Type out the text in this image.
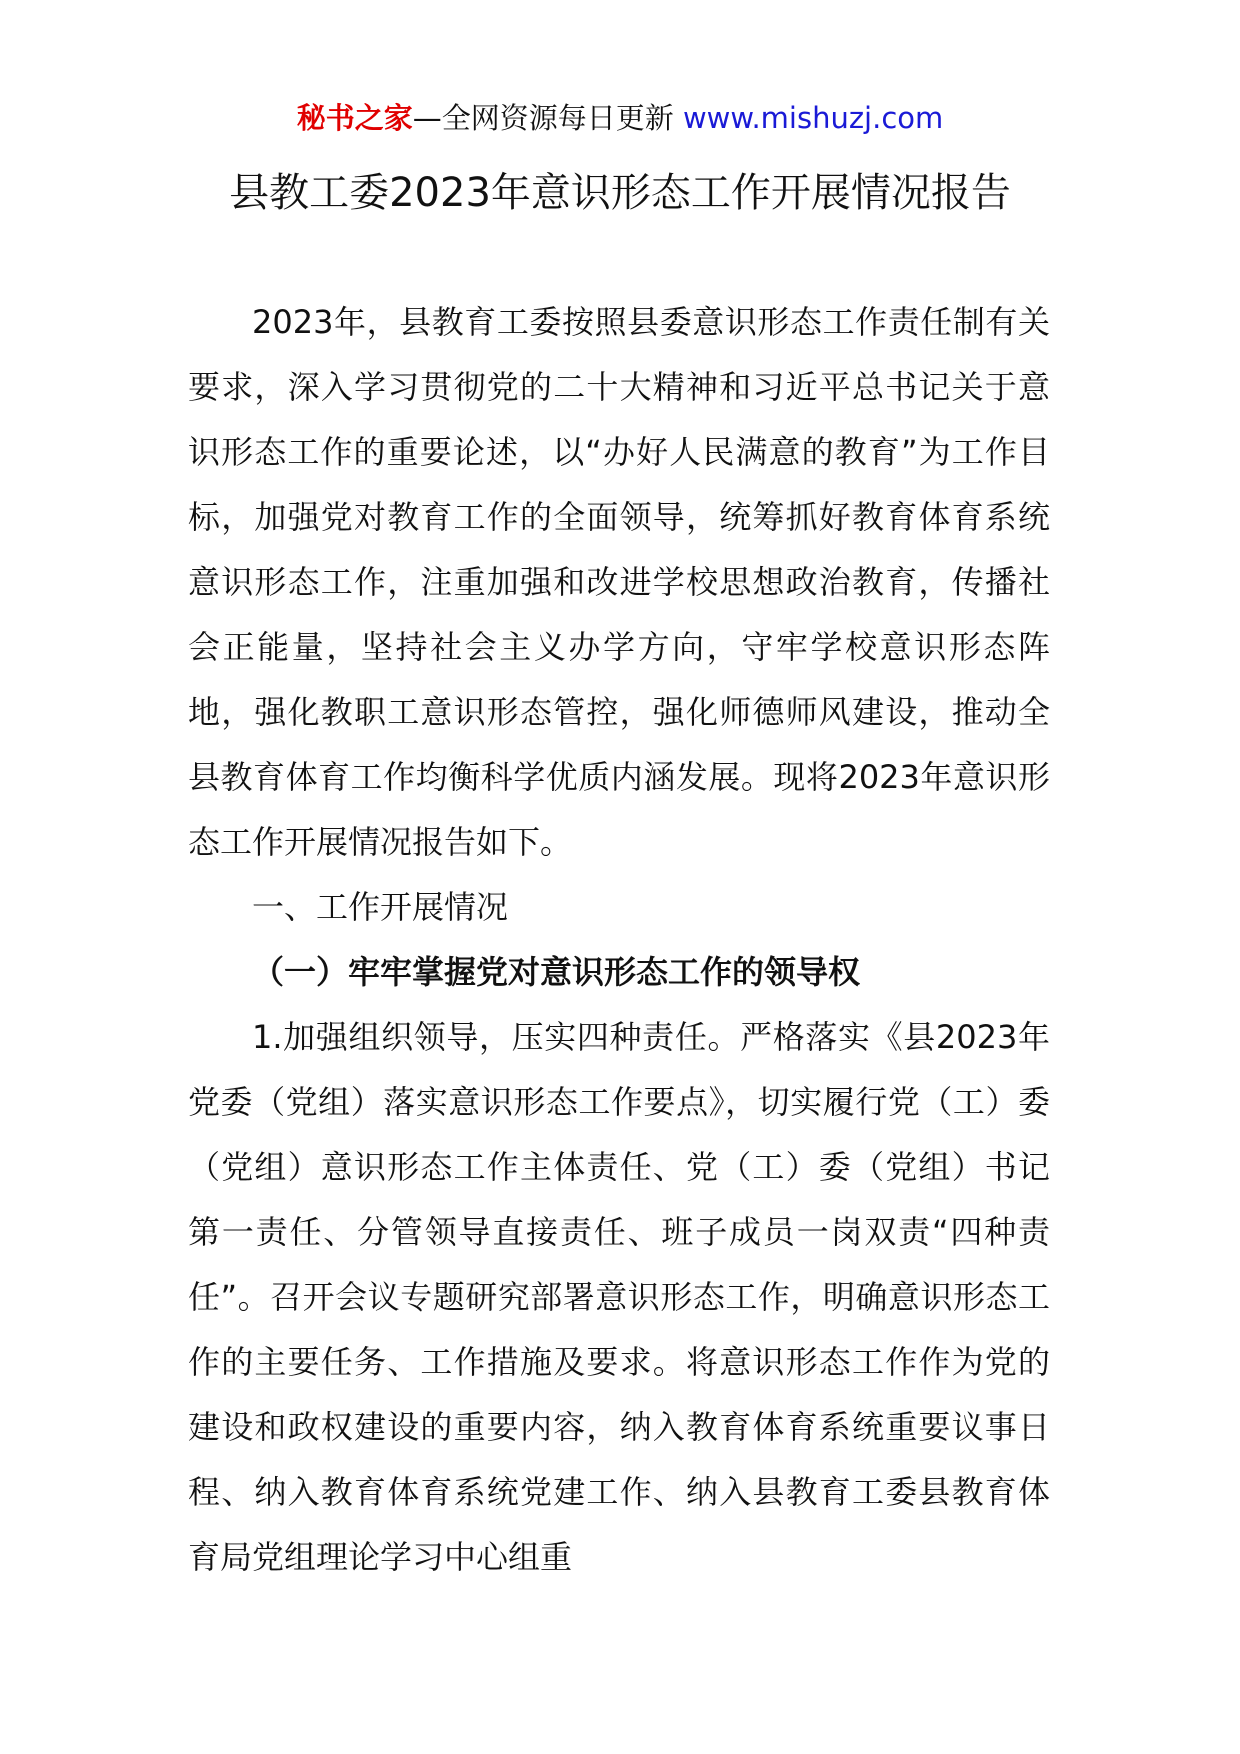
秘书之家—全网资源每日更新 www.mishuzj.com
县教工委2023年意识形态工作开展情况报告

2023年，县教育工委按照县委意识形态工作责任制有关要求，深入学习贯彻党的二十大精神和习近平总书记关于意识形态工作的重要论述，以“办好人民满意的教育”为工作目标，加强党对教育工作的全面领导，统筹抓好教育体育系统意识形态工作，注重加强和改进学校思想政治教育，传播社会正能量，坚持社会主义办学方向，守牢学校意识形态阵地，强化教职工意识形态管控，强化师德师风建设，推动全县教育体育工作均衡科学优质内涵发展。现将2023年意识形态工作开展情况报告如下。

一、工作开展情况

（一）牢牢掌握党对意识形态工作的领导权

1.加强组织领导，压实四种责任。严格落实《县2023年党委（党组）落实意识形态工作要点》，切实履行党（工）委（党组）意识形态工作主体责任、党（工）委（党组）书记第一责任、分管领导直接责任、班子成员一岗双责“四种责任”。召开会议专题研究部署意识形态工作，明确意识形态工作的主要任务、工作措施及要求。将意识形态工作作为党的建设和政权建设的重要内容，纳入教育体育系统重要议事日程、纳入教育体育系统党建工作、纳入县教育工委县教育体育局党组理论学习中心组重
